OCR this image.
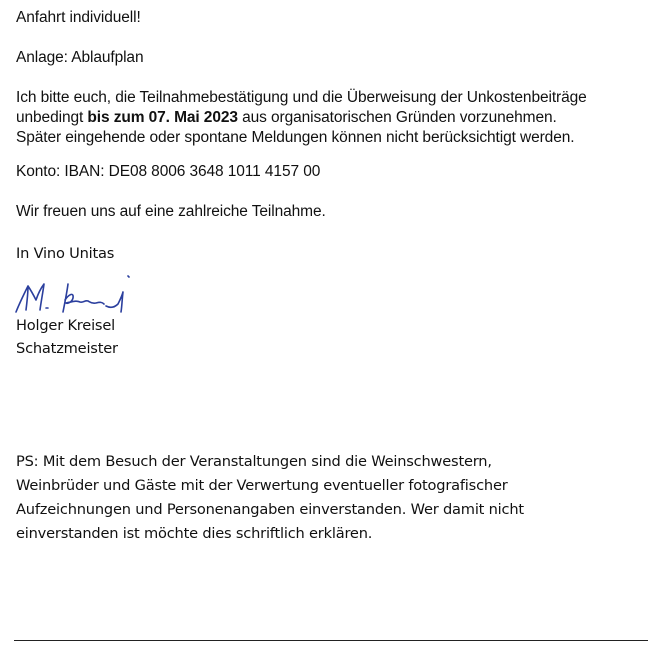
Anfahrt individuell!
Anlage: Ablaufplan
Ich bitte euch, die Teilnahmebestätigung und die Überweisung der Unkostenbeiträge
unbedingt bis zum 07. Mai 2023 aus organisatorischen Gründen vorzunehmen.
Später eingehende oder spontane Meldungen können nicht berücksichtigt werden.
Konto: IBAN: DE08 8006 3648 1011 4157 00
Wir freuen uns auf eine zahlreiche Teilnahme.
In Vino Unitas
Holger Kreisel
Schatzmeister
PS: Mit dem Besuch der Veranstaltungen sind die Weinschwestern,
Weinbrüder und Gäste mit der Verwertung eventueller fotografischer
Aufzeichnungen und Personenangaben einverstanden. Wer damit nicht
einverstanden ist möchte dies schriftlich erklären.
